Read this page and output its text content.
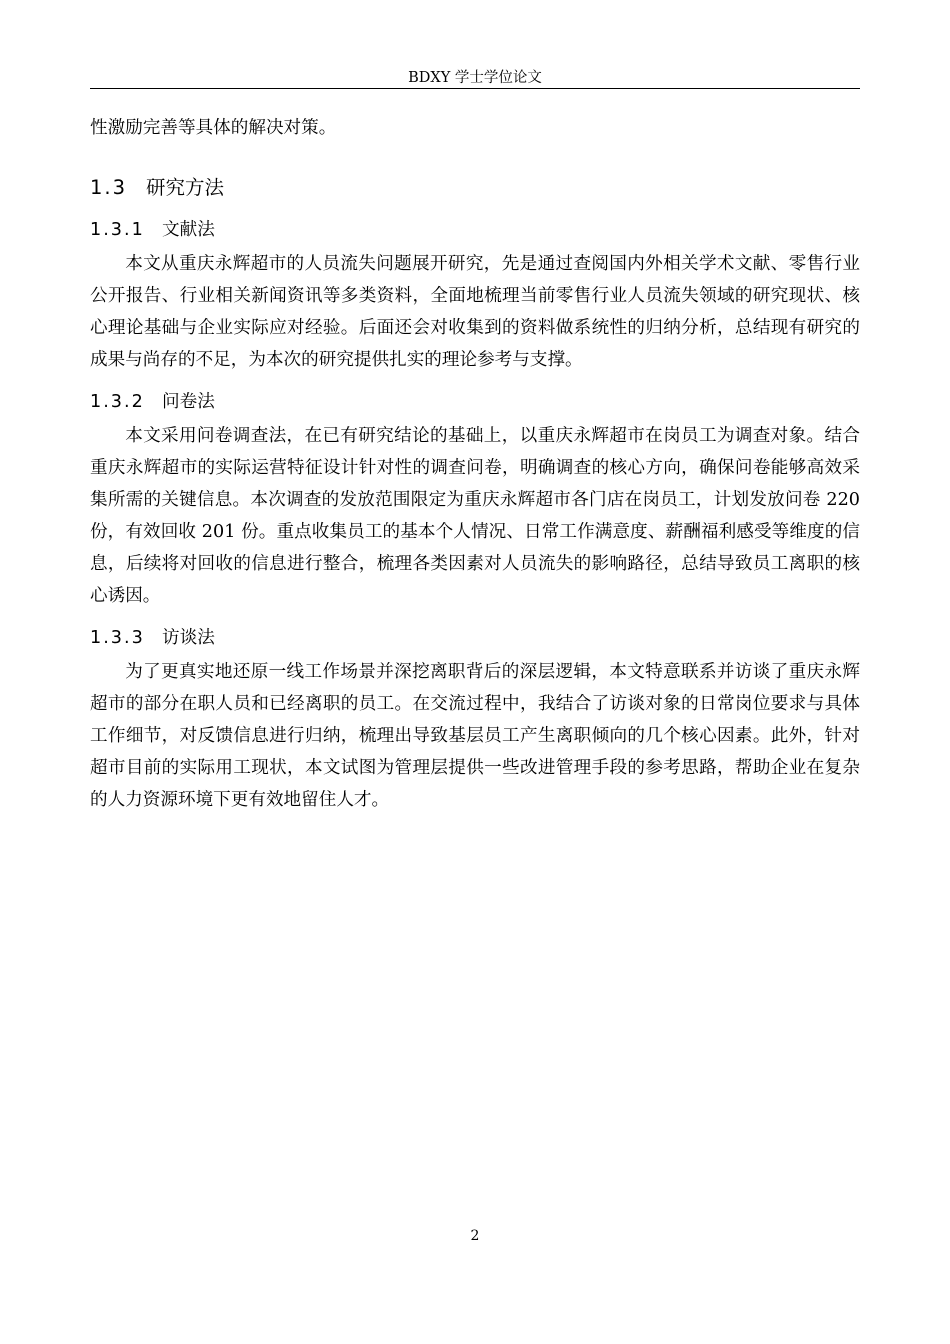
BDXY 学士学位论文

性激励完善等具体的解决对策。

1.3 研究方法
1.3.1 文献法

本文从重庆永辉超市的人员流失问题展开研究，先是通过查阅国内外相关学术文献、零售行业公开报告、行业相关新闻资讯等多类资料，全面地梳理当前零售行业人员流失领域的研究现状、核心理论基础与企业实际应对经验。后面还会对收集到的资料做系统性的归纳分析，总结现有研究的成果与尚存的不足，为本次的研究提供扎实的理论参考与支撑。

1.3.2 问卷法

本文采用问卷调查法，在已有研究结论的基础上，以重庆永辉超市在岗员工为调查对象。结合重庆永辉超市的实际运营特征设计针对性的调查问卷，明确调查的核心方向，确保问卷能够高效采集所需的关键信息。本次调查的发放范围限定为重庆永辉超市各门店在岗员工，计划发放问卷 220 份，有效回收 201 份。重点收集员工的基本个人情况、日常工作满意度、薪酬福利感受等维度的信息，后续将对回收的信息进行整合，梳理各类因素对人员流失的影响路径，总结导致员工离职的核心诱因。

1.3.3 访谈法

为了更真实地还原一线工作场景并深挖离职背后的深层逻辑，本文特意联系并访谈了重庆永辉超市的部分在职人员和已经离职的员工。在交流过程中，我结合了访谈对象的日常岗位要求与具体工作细节，对反馈信息进行归纳，梳理出导致基层员工产生离职倾向的几个核心因素。此外，针对超市目前的实际用工现状，本文试图为管理层提供一些改进管理手段的参考思路，帮助企业在复杂的人力资源环境下更有效地留住人才。

2
